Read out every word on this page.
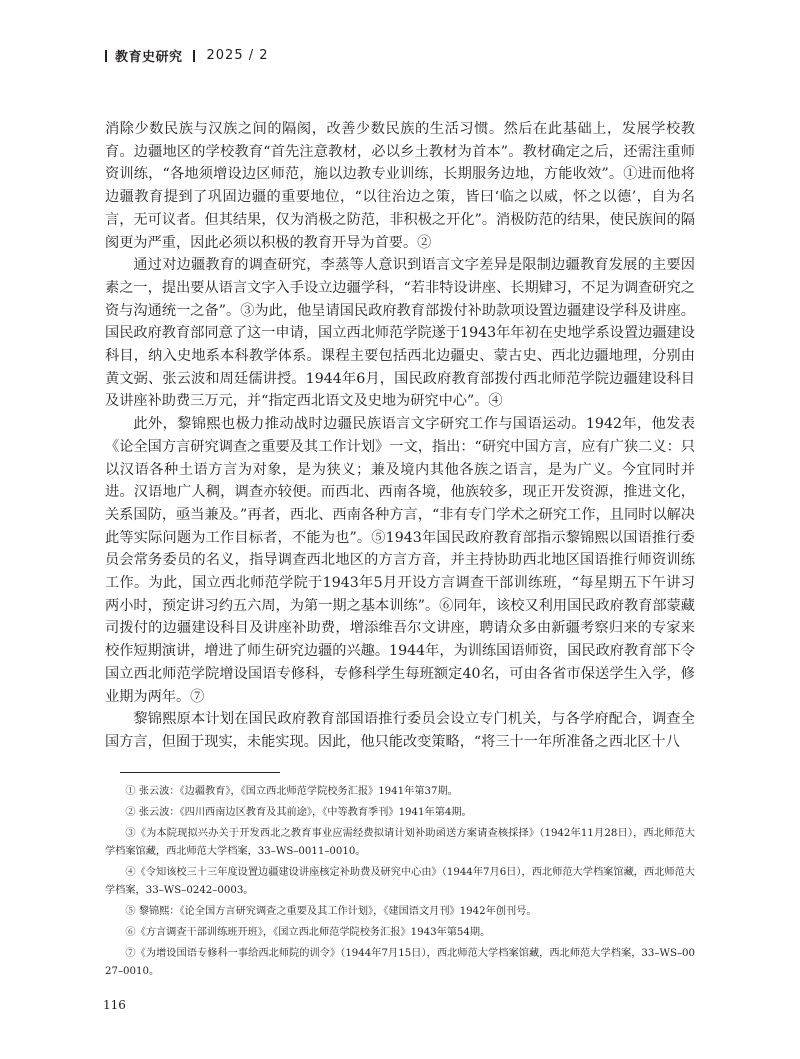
教育史研究 2025 / 2

消除少数民族与汉族之间的隔阂，改善少数民族的生活习惯。然后在此基础上，发展学校教育。边疆地区的学校教育“首先注意教材，必以乡土教材为首本”。教材确定之后，还需注重师资训练，“各地须增设边区师范，施以边教专业训练，长期服务边地，方能收效”。①进而他将边疆教育提到了巩固边疆的重要地位，“以往治边之策，皆曰‘临之以威，怀之以德’，自为名言，无可议者。但其结果，仅为消极之防范，非积极之开化”。消极防范的结果，使民族间的隔阂更为严重，因此必须以积极的教育开导为首要。②

通过对边疆教育的调查研究，李蒸等人意识到语言文字差异是限制边疆教育发展的主要因素之一，提出要从语言文字入手设立边疆学科，“若非特设讲座、长期肄习，不足为调查研究之资与沟通统一之备”。③为此，他呈请国民政府教育部拨付补助款项设置边疆建设学科及讲座。国民政府教育部同意了这一申请，国立西北师范学院遂于1943年年初在史地学系设置边疆建设科目，纳入史地系本科教学体系。课程主要包括西北边疆史、蒙古史、西北边疆地理，分别由黄文弼、张云波和周廷儒讲授。1944年6月，国民政府教育部拨付西北师范学院边疆建设科目及讲座补助费三万元，并“指定西北语文及史地为研究中心”。④

此外，黎锦熙也极力推动战时边疆民族语言文字研究工作与国语运动。1942年，他发表《论全国方言研究调查之重要及其工作计划》一文，指出：“研究中国方言，应有广狭二义：只以汉语各种土语方言为对象，是为狭义；兼及境内其他各族之语言，是为广义。今宜同时并进。汉语地广人稠，调查亦较便。而西北、西南各境，他族较多，现正开发资源，推进文化，关系国防，亟当兼及。”再者，西北、西南各种方言，“非有专门学术之研究工作，且同时以解决此等实际问题为工作目标者，不能为也”。⑤1943年国民政府教育部指示黎锦熙以国语推行委员会常务委员的名义，指导调查西北地区的方言方音，并主持协助西北地区国语推行师资训练工作。为此，国立西北师范学院于1943年5月开设方言调查干部训练班，“每星期五下午讲习两小时，预定讲习约五六周，为第一期之基本训练”。⑥同年，该校又利用国民政府教育部蒙藏司拨付的边疆建设科目及讲座补助费，增添维吾尔文讲座，聘请众多由新疆考察归来的专家来校作短期演讲，增进了师生研究边疆的兴趣。1944年，为训练国语师资，国民政府教育部下令国立西北师范学院增设国语专修科，专修科学生每班额定40名，可由各省市保送学生入学，修业期为两年。⑦

黎锦熙原本计划在国民政府教育部国语推行委员会设立专门机关，与各学府配合，调查全国方言，但囿于现实，未能实现。因此，他只能改变策略，“将三十一年所准备之西北区十八

① 张云波：《边疆教育》，《国立西北师范学院校务汇报》1941年第37期。

② 张云波：《四川西南边区教育及其前途》，《中等教育季刊》1941年第4期。

③《为本院现拟兴办关于开发西北之教育事业应需经费拟请计划补助函送方案请查核採择》（1942年11月28日），西北师范大学档案馆藏，西北师范大学档案，33–WS–0011–0010。

④《令知该校三十三年度设置边疆建设讲座核定补助费及研究中心由》（1944年7月6日），西北师范大学档案馆藏，西北师范大学档案，33–WS–0242–0003。

⑤ 黎锦熙：《论全国方言研究调查之重要及其工作计划》，《建国语文月刊》1942年创刊号。

⑥《方言调查干部训练班开班》，《国立西北师范学院校务汇报》1943年第54期。

⑦《为增设国语专修科一事给西北师院的训令》（1944年7月15日），西北师范大学档案馆藏，西北师范大学档案，33–WS–0027–0010。

116
